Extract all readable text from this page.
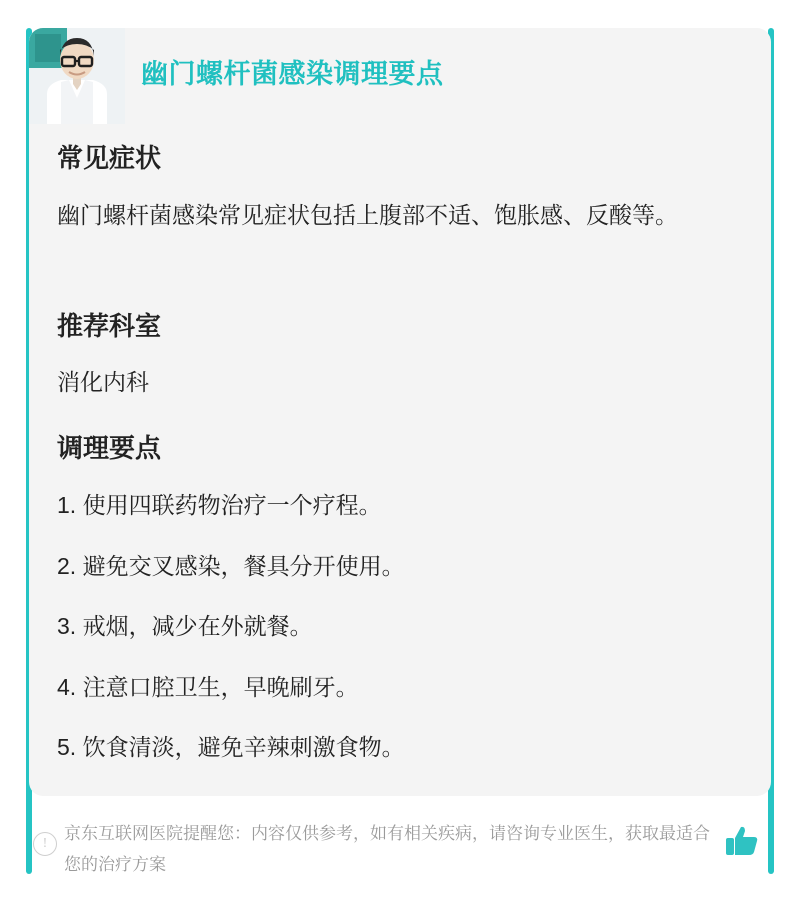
幽门螺杆菌感染调理要点
常见症状

幽门螺杆菌感染常见症状包括上腹部不适、饱胀感、反酸等。

推荐科室

消化内科

调理要点
1. 使用四联药物治疗一个疗程。
2. 避免交叉感染，餐具分开使用。
3. 戒烟，减少在外就餐。
4. 注意口腔卫生，早晚刷牙。
5. 饮食清淡，避免辛辣刺激食物。
!
京东互联网医院提醒您：内容仅供参考，如有相关疾病，请咨询专业医生，获取最适合您的治疗方案
